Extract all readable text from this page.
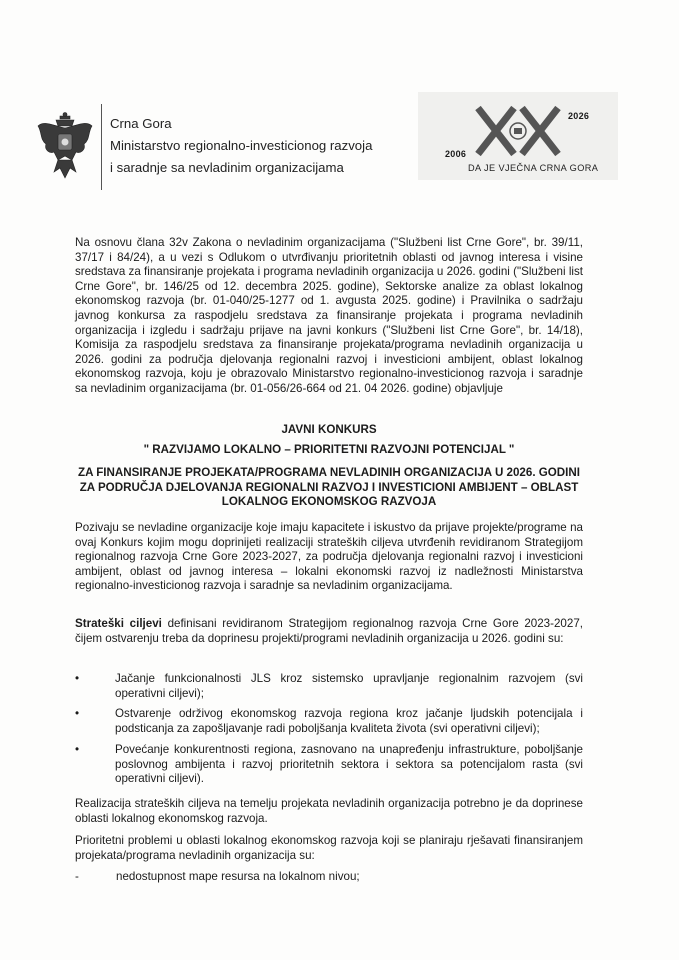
Crna Gora
Ministarstvo regionalno-investicionog razvoja
i saradnje sa nevladinim organizacijama
2006
2026
DA JE VJEČNA CRNA GORA
Na osnovu člana 32v Zakona o nevladinim organizacijama ("Službeni list Crne Gore", br. 39/11, 37/17 i 84/24), a u vezi s Odlukom o utvrđivanju prioritetnih oblasti od javnog interesa i visine sredstava za finansiranje projekata i programa nevladinih organizacija u 2026. godini ("Službeni list Crne Gore", br. 146/25 od 12. decembra 2025. godine), Sektorske analize za oblast lokalnog ekonomskog razvoja (br. 01-040/25-1277 od 1. avgusta 2025. godine) i Pravilnika o sadržaju javnog konkursa za raspodjelu sredstava za finansiranje projekata i programa nevladinih organizacija i izgledu i sadržaju prijave na javni konkurs ("Službeni list Crne Gore", br. 14/18), Komisija za raspodjelu sredstava za finansiranje projekata/programa nevladinih organizacija u 2026. godini za područja djelovanja regionalni razvoj i investicioni ambijent, oblast lokalnog ekonomskog razvoja, koju je obrazovalo Ministarstvo regionalno-investicionog razvoja i saradnje sa nevladinim organizacijama (br. 01-056/26-664 od 21. 04 2026. godine) objavljuje
JAVNI KONKURS
" RAZVIJAMO LOKALNO – PRIORITETNI RAZVOJNI POTENCIJAL "
ZA FINANSIRANJE PROJEKATA/PROGRAMA NEVLADINIH ORGANIZACIJA U 2026. GODINI ZA PODRUČJA DJELOVANJA REGIONALNI RAZVOJ I INVESTICIONI AMBIJENT – OBLAST LOKALNOG EKONOMSKOG RAZVOJA
Pozivaju se nevladine organizacije koje imaju kapacitete i iskustvo da prijave projekte/programe na ovaj Konkurs kojim mogu doprinijeti realizaciji strateških ciljeva utvrđenih revidiranom Strategijom regionalnog razvoja Crne Gore 2023-2027, za područja djelovanja regionalni razvoj i investicioni ambijent, oblast od javnog interesa – lokalni ekonomski razvoj iz nadležnosti Ministarstva regionalno-investicionog razvoja i saradnje sa nevladinim organizacijama.
Strateški ciljevi definisani revidiranom Strategijom regionalnog razvoja Crne Gore 2023-2027, čijem ostvarenju treba da doprinesu projekti/programi nevladinih organizacija u 2026. godini su:
•	Jačanje funkcionalnosti JLS kroz sistemsko upravljanje regionalnim razvojem (svi operativni ciljevi);
•	Ostvarenje održivog ekonomskog razvoja regiona kroz jačanje ljudskih potencijala i podsticanja za zapošljavanje radi poboljšanja kvaliteta života (svi operativni ciljevi);
•	Povećanje konkurentnosti regiona, zasnovano na unapređenju infrastrukture, poboljšanje poslovnog ambijenta i razvoj prioritetnih sektora i sektora sa potencijalom rasta (svi operativni ciljevi).
Realizacija strateških ciljeva na temelju projekata nevladinih organizacija potrebno je da doprinese oblasti lokalnog ekonomskog razvoja.
Prioritetni problemi u oblasti lokalnog ekonomskog razvoja koji se planiraju rješavati finansiranjem projekata/programa nevladinih organizacija su:
-	nedostupnost mape resursa na lokalnom nivou;
